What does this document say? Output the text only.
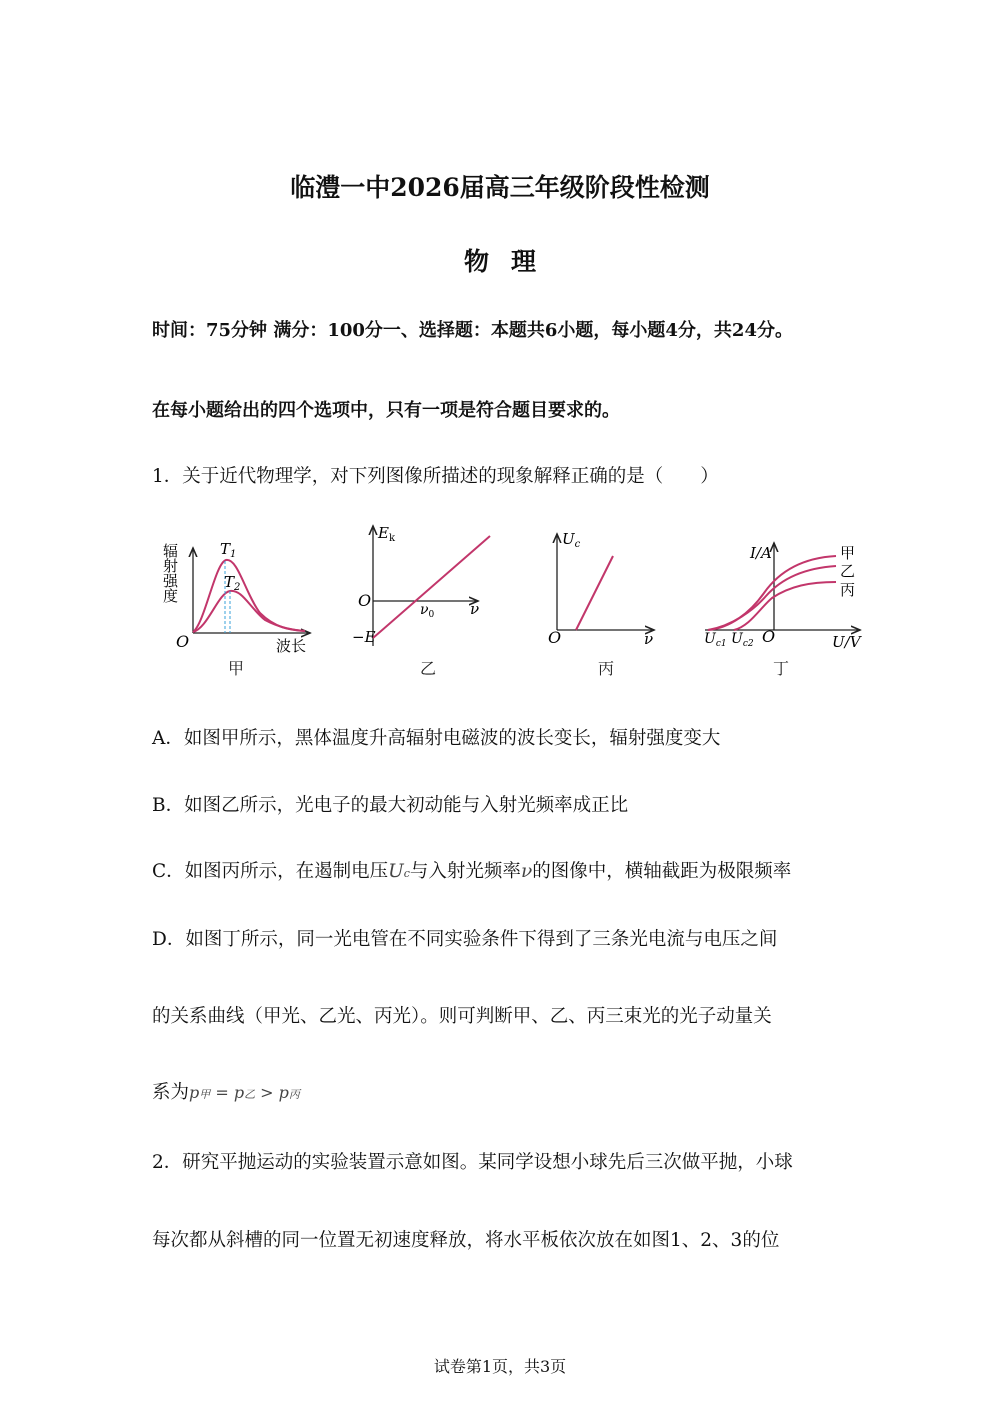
临澧一中2026届高三年级阶段性检测
物理
时间：75分钟 满分：100分一、选择题：本题共6小题，每小题4分，共24分。
在每小题给出的四个选项中，只有一项是符合题目要求的。
1．关于近代物理学，对下列图像所描述的现象解释正确的是（　　）
辐射强度	$T_1$
$T_2$
O	波长
甲
$E_k$
O	$\nu_0$ ν
−E
乙
$U_c$
O	ν
丙
I/A	甲
乙
丙
$U_{c1}$ $U_{c2}$ O	U/V
丁
A．如图甲所示，黑体温度升高辐射电磁波的波长变长，辐射强度变大
B．如图乙所示，光电子的最大初动能与入射光频率成正比
C．如图丙所示，在遏制电压Uc与入射光频率ν的图像中，横轴截距为极限频率
D．如图丁所示，同一光电管在不同实验条件下得到了三条光电流与电压之间
的关系曲线（甲光、乙光、丙光）。则可判断甲、乙、丙三束光的光子动量关
系为p甲 = p乙 > p丙
2．研究平抛运动的实验装置示意如图。某同学设想小球先后三次做平抛，小球
每次都从斜槽的同一位置无初速度释放，将水平板依次放在如图1、2、3的位
试卷第1页，共3页
